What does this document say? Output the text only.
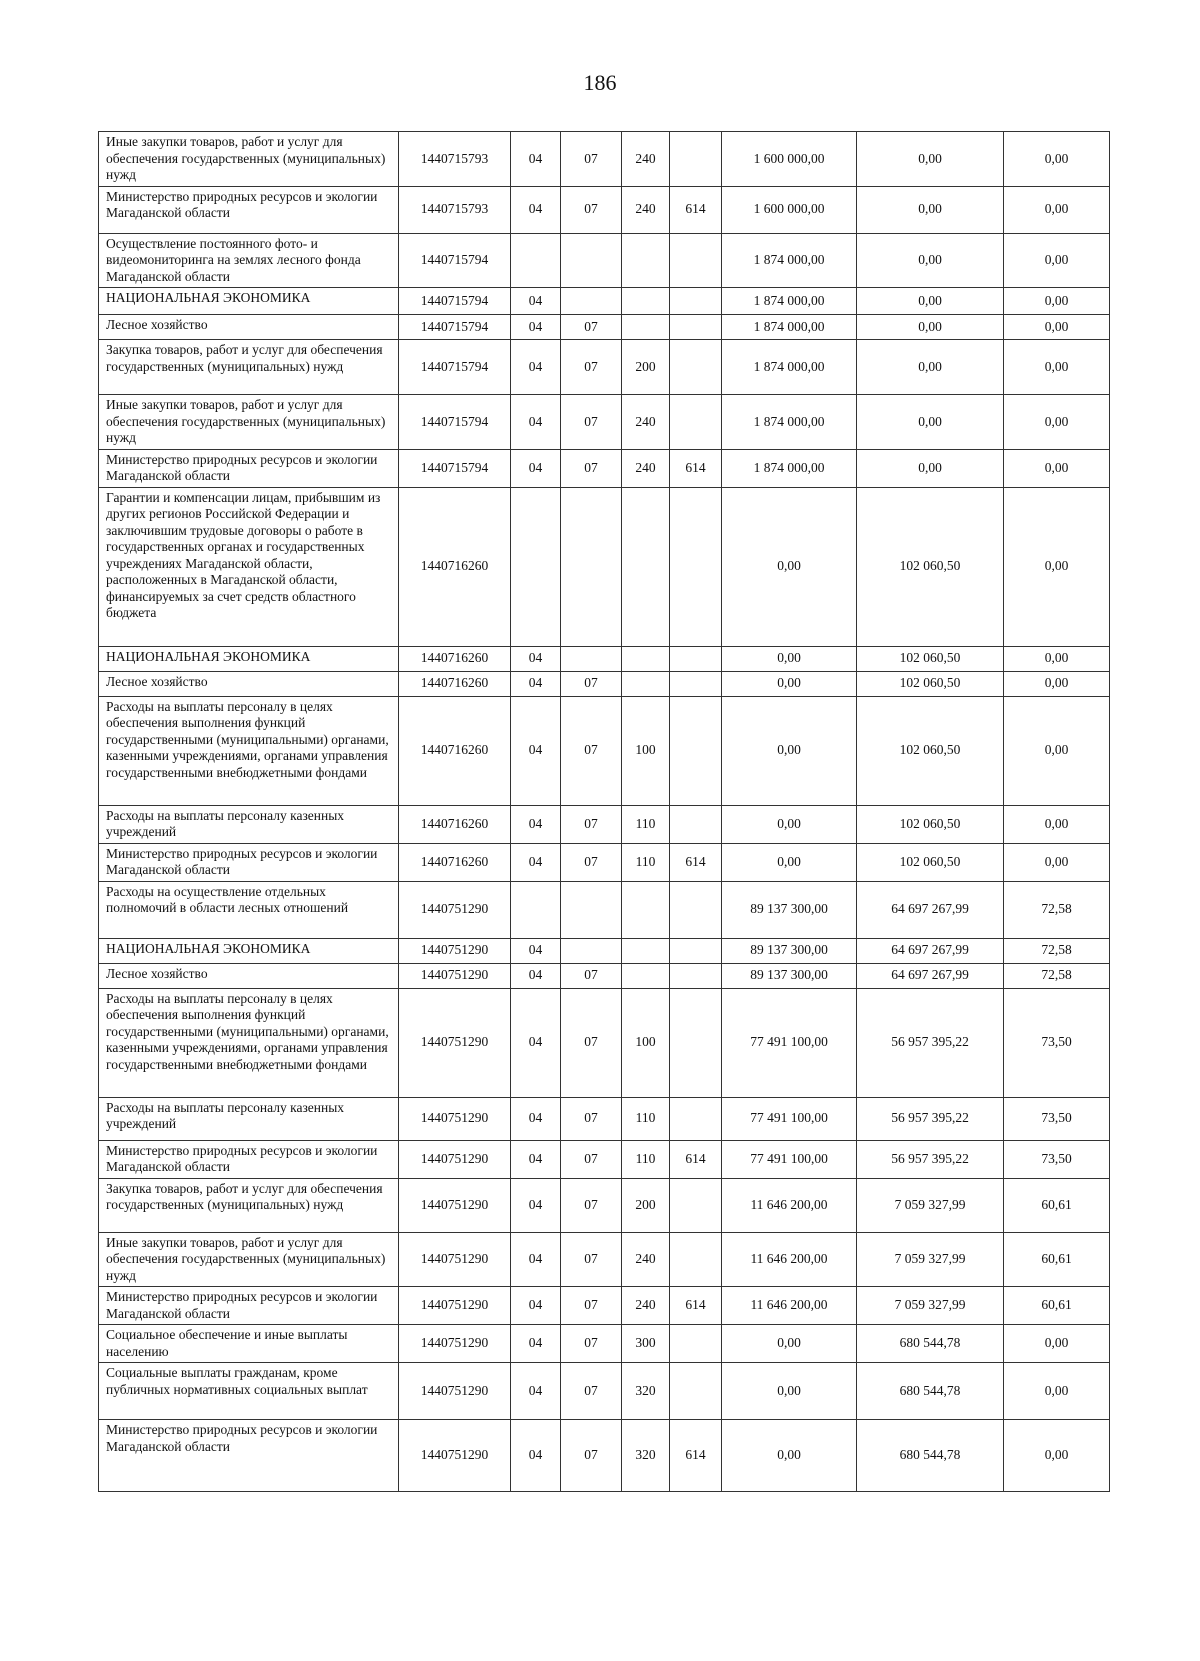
186
Иные закупки товаров, работ и услуг для обеспечения государственных (муниципальных) нужд	1440715793	04	07	240		1 600 000,00	0,00	0,00
Министерство природных ресурсов и экологии Магаданской области	1440715793	04	07	240	614	1 600 000,00	0,00	0,00
Осуществление постоянного фото- и видеомониторинга на землях лесного фонда Магаданской области	1440715794					1 874 000,00	0,00	0,00
НАЦИОНАЛЬНАЯ ЭКОНОМИКА	1440715794	04				1 874 000,00	0,00	0,00
Лесное хозяйство	1440715794	04	07			1 874 000,00	0,00	0,00
Закупка товаров, работ и услуг для обеспечения государственных (муниципальных) нужд	1440715794	04	07	200		1 874 000,00	0,00	0,00
Иные закупки товаров, работ и услуг для обеспечения государственных (муниципальных) нужд	1440715794	04	07	240		1 874 000,00	0,00	0,00
Министерство природных ресурсов и экологии Магаданской области	1440715794	04	07	240	614	1 874 000,00	0,00	0,00
Гарантии и компенсации лицам, прибывшим из других регионов Российской Федерации и заключившим трудовые договоры о работе в государственных органах и государственных учреждениях Магаданской области, расположенных в Магаданской области, финансируемых за счет средств областного бюджета	1440716260					0,00	102 060,50	0,00
НАЦИОНАЛЬНАЯ ЭКОНОМИКА	1440716260	04				0,00	102 060,50	0,00
Лесное хозяйство	1440716260	04	07			0,00	102 060,50	0,00
Расходы на выплаты персоналу в целях обеспечения выполнения функций государственными (муниципальными) органами, казенными учреждениями, органами управления государственными внебюджетными фондами	1440716260	04	07	100		0,00	102 060,50	0,00
Расходы на выплаты персоналу казенных учреждений	1440716260	04	07	110		0,00	102 060,50	0,00
Министерство природных ресурсов и экологии Магаданской области	1440716260	04	07	110	614	0,00	102 060,50	0,00
Расходы на осуществление отдельных полномочий в области лесных отношений	1440751290					89 137 300,00	64 697 267,99	72,58
НАЦИОНАЛЬНАЯ ЭКОНОМИКА	1440751290	04				89 137 300,00	64 697 267,99	72,58
Лесное хозяйство	1440751290	04	07			89 137 300,00	64 697 267,99	72,58
Расходы на выплаты персоналу в целях обеспечения выполнения функций государственными (муниципальными) органами, казенными учреждениями, органами управления государственными внебюджетными фондами	1440751290	04	07	100		77 491 100,00	56 957 395,22	73,50
Расходы на выплаты персоналу казенных учреждений	1440751290	04	07	110		77 491 100,00	56 957 395,22	73,50
Министерство природных ресурсов и экологии Магаданской области	1440751290	04	07	110	614	77 491 100,00	56 957 395,22	73,50
Закупка товаров, работ и услуг для обеспечения государственных (муниципальных) нужд	1440751290	04	07	200		11 646 200,00	7 059 327,99	60,61
Иные закупки товаров, работ и услуг для обеспечения государственных (муниципальных) нужд	1440751290	04	07	240		11 646 200,00	7 059 327,99	60,61
Министерство природных ресурсов и экологии Магаданской области	1440751290	04	07	240	614	11 646 200,00	7 059 327,99	60,61
Социальное обеспечение и иные выплаты населению	1440751290	04	07	300		0,00	680 544,78	0,00
Социальные выплаты гражданам, кроме публичных нормативных социальных выплат	1440751290	04	07	320		0,00	680 544,78	0,00
Министерство природных ресурсов и экологии Магаданской области	1440751290	04	07	320	614	0,00	680 544,78	0,00
